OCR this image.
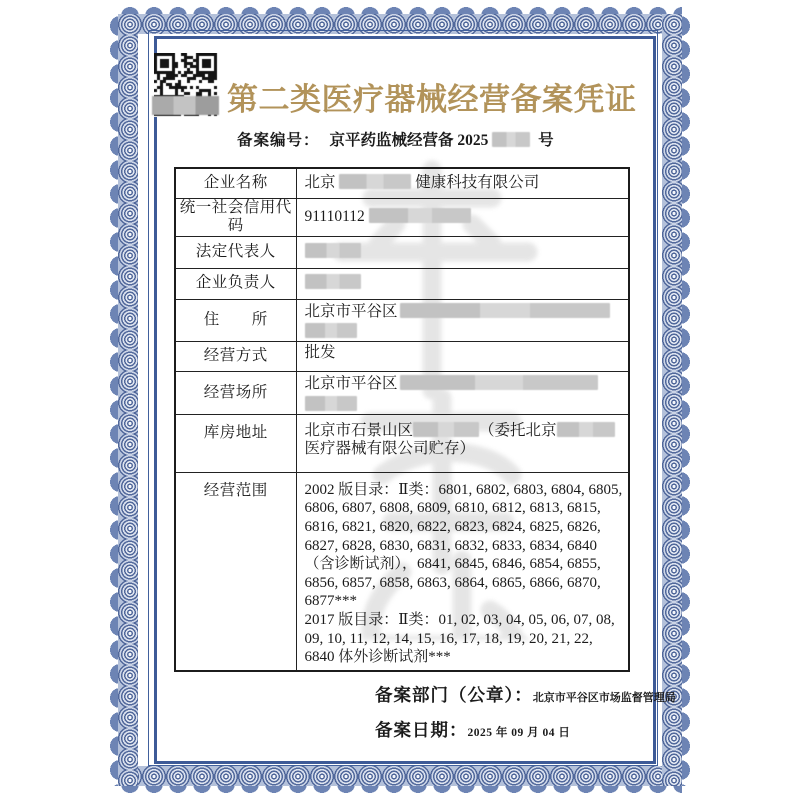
第二类医疗器械经营备案凭证
备案编号： 京平药监械经营备 2025	号
企业名称	北京 健康科技有限公司
统一社会信用代码	91110112
法定代表人	
企业负责人	
住　　所	北京市平谷区

经营方式	批发
经营场所	北京市平谷区

库房地址	北京市石景山区 （委托北京医疗器械有限公司贮存）
经营范围	2002 版目录：Ⅱ类：6801, 6802, 6803, 6804, 6805, 6806, 6807, 6808, 6809, 6810, 6812, 6813, 6815, 6816, 6821, 6820, 6822, 6823, 6824, 6825, 6826, 6827, 6828, 6830, 6831, 6832, 6833, 6834, 6840（含诊断试剂），6841, 6845, 6846, 6854, 6855, 6856, 6857, 6858, 6863, 6864, 6865, 6866, 6870, 6877***

2017 版目录：Ⅱ类：01, 02, 03, 04, 05, 06, 07, 08, 09, 10, 11, 12, 14, 15, 16, 17, 18, 19, 20, 21, 22, 6840 体外诊断试剂***

备案部门（公章）：北京市平谷区市场监督管理局
备案日期：2025 年 09 月 04 日
